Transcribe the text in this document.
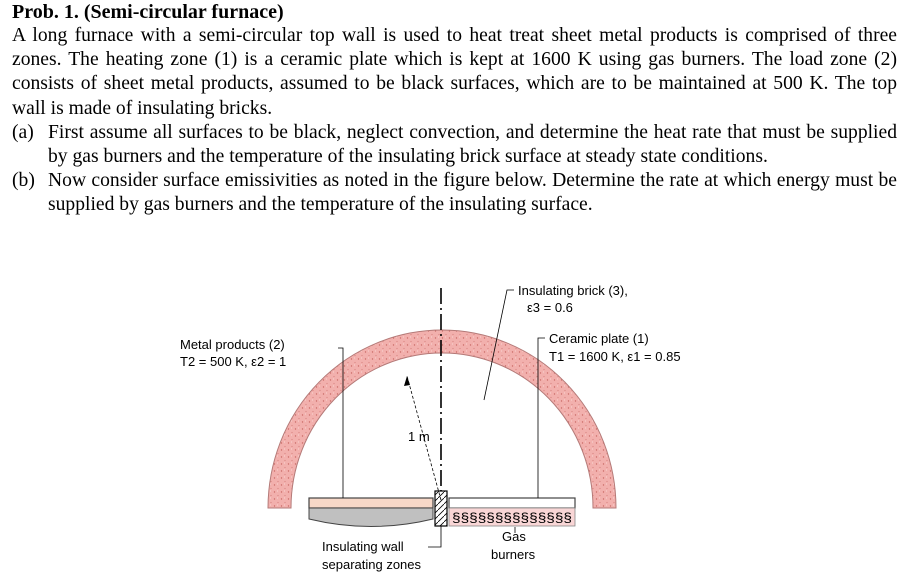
Prob. 1. (Semi-circular furnace)
A long furnace with a semi-circular top wall is used to heat treat sheet metal products is comprised of three zones. The heating zone (1) is a ceramic plate which is kept at 1600 K using gas burners. The load zone (2) consists of sheet metal products, assumed to be black surfaces, which are to be maintained at 500 K. The top wall is made of insulating bricks.
(a) First assume all surfaces to be black, neglect convection, and determine the heat rate that must be supplied by gas burners and the temperature of the insulating brick surface at steady state conditions.
(b) Now consider surface emissivities as noted in the figure below. Determine the rate at which energy must be supplied by gas burners and the temperature of the insulating surface.
§§§§§§§§§§§§§§
1 m
Insulating brick (3),
ε3 = 0.6
Ceramic plate (1)
T1 = 1600 K, ε1 = 0.85
Metal products (2)
T2 = 500 K, ε2 = 1
Insulating wall
separating zones
Gas
burners
